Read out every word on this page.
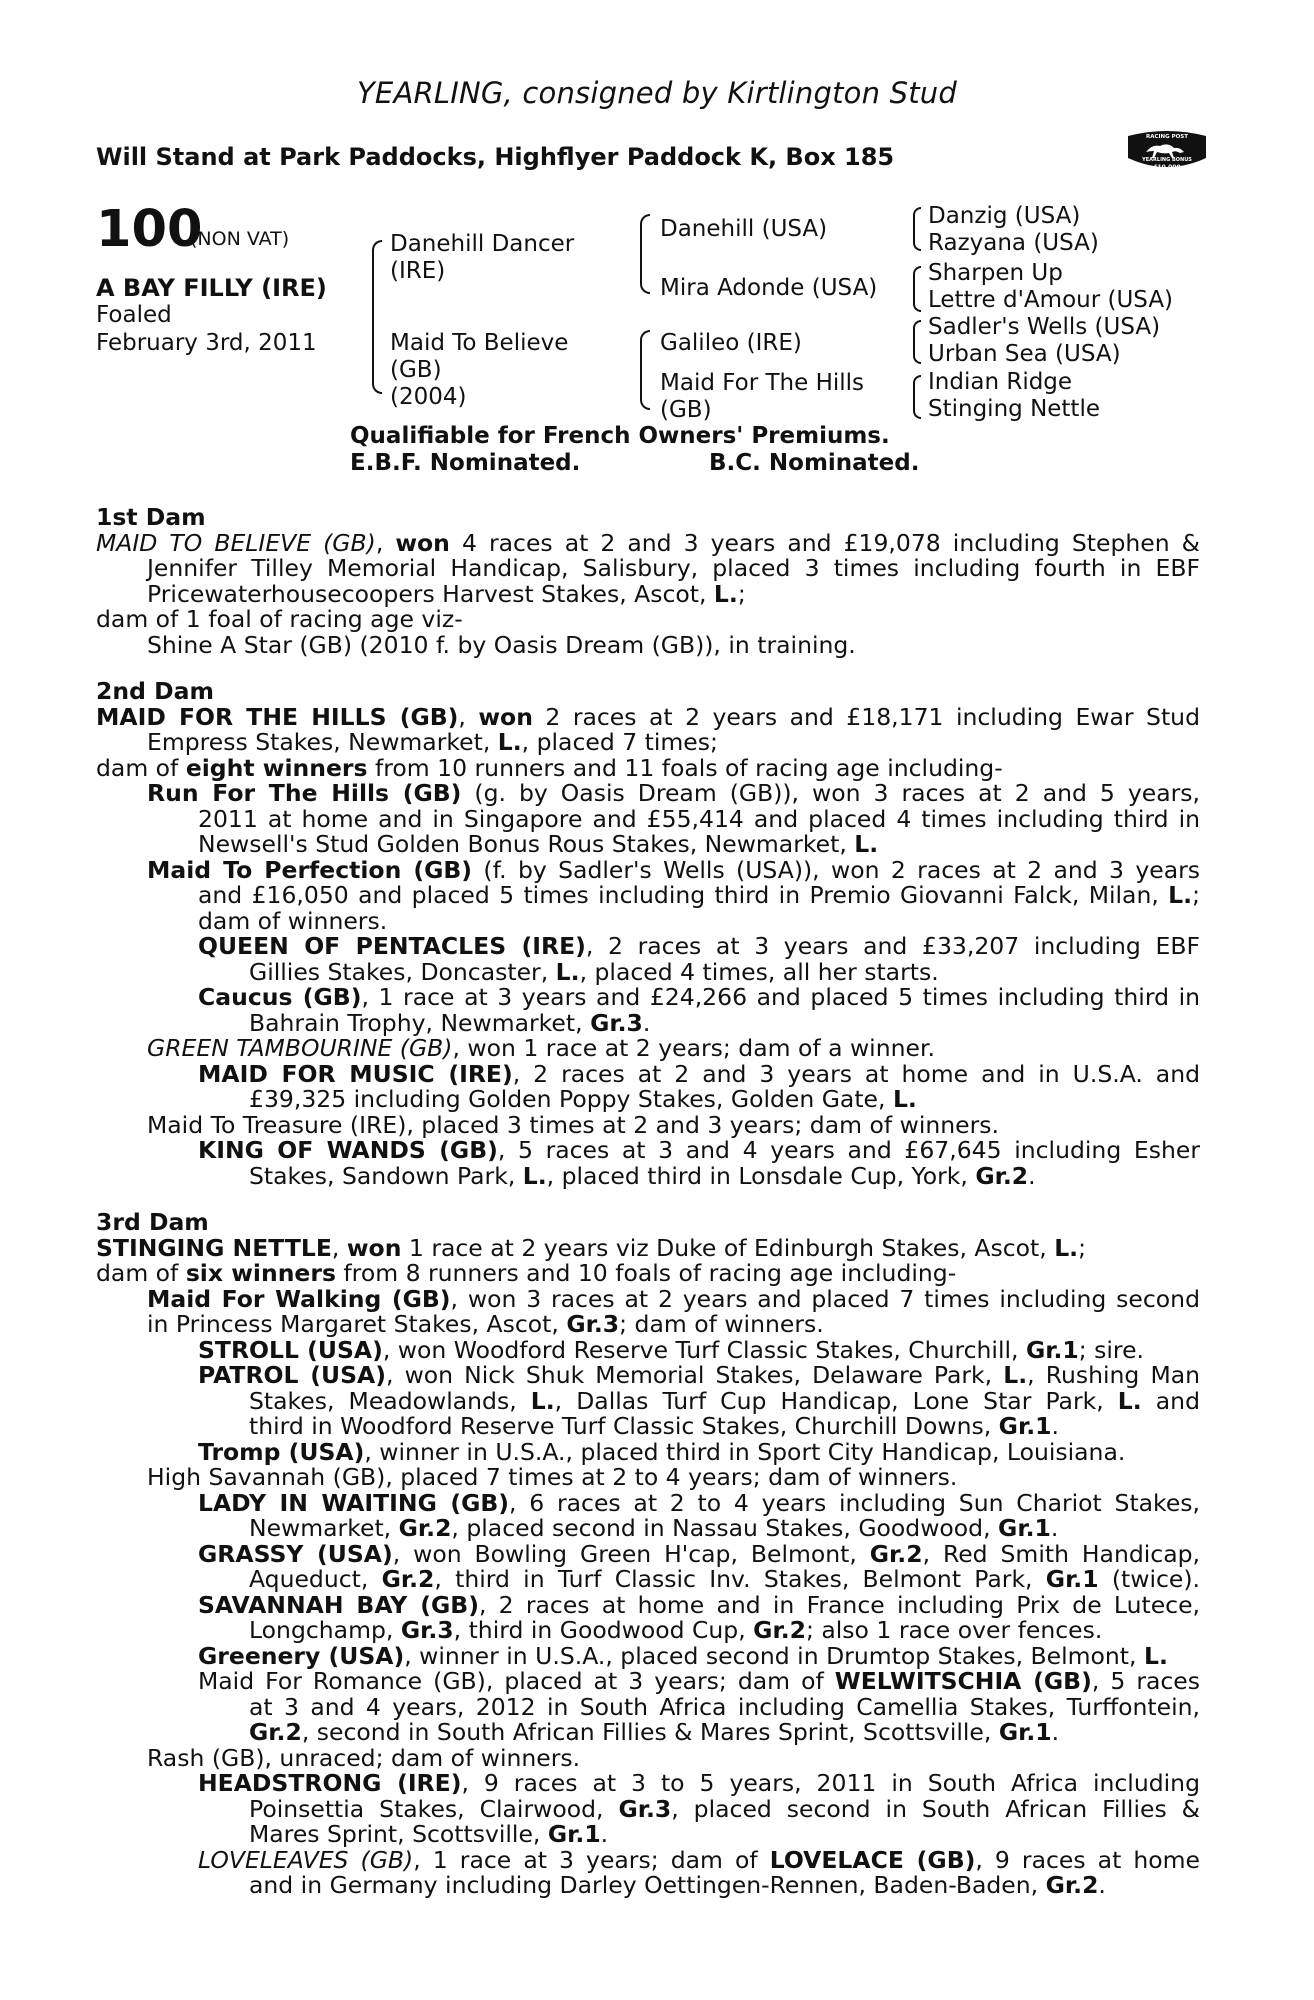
YEARLING, consigned by Kirtlington Stud
Will Stand at Park Paddocks, Highflyer Paddock K, Box 185
RACING POST
YEARLING BONUS
£10,000
100
(NON VAT)
A BAY FILLY (IRE)
Foaled
February 3rd, 2011
Danehill Dancer
(IRE)
Maid To Believe
(GB)
(2004)
Danehill (USA)
Mira Adonde (USA)
Galileo (IRE)
Maid For The Hills
(GB)
Danzig (USA)
Razyana (USA)
Sharpen Up
Lettre d'Amour (USA)
Sadler's Wells (USA)
Urban Sea (USA)
Indian Ridge
Stinging Nettle
Qualifiable for French Owners' Premiums.
E.B.F. Nominated.	B.C. Nominated.
1st Dam
MAID TO BELIEVE (GB), won 4 races at 2 and 3 years and £19,078 including Stephen &
Jennifer Tilley Memorial Handicap, Salisbury, placed 3 times including fourth in EBF
Pricewaterhousecoopers Harvest Stakes, Ascot, L.;
dam of 1 foal of racing age viz-
Shine A Star (GB) (2010 f. by Oasis Dream (GB)), in training.
2nd Dam
MAID FOR THE HILLS (GB), won 2 races at 2 years and £18,171 including Ewar Stud
Empress Stakes, Newmarket, L., placed 7 times;
dam of eight winners from 10 runners and 11 foals of racing age including-
Run For The Hills (GB) (g. by Oasis Dream (GB)), won 3 races at 2 and 5 years,
2011 at home and in Singapore and £55,414 and placed 4 times including third in
Newsell's Stud Golden Bonus Rous Stakes, Newmarket, L.
Maid To Perfection (GB) (f. by Sadler's Wells (USA)), won 2 races at 2 and 3 years
and £16,050 and placed 5 times including third in Premio Giovanni Falck, Milan, L.;
dam of winners.
QUEEN OF PENTACLES (IRE), 2 races at 3 years and £33,207 including EBF
Gillies Stakes, Doncaster, L., placed 4 times, all her starts.
Caucus (GB), 1 race at 3 years and £24,266 and placed 5 times including third in
Bahrain Trophy, Newmarket, Gr.3.
GREEN TAMBOURINE (GB), won 1 race at 2 years; dam of a winner.
MAID FOR MUSIC (IRE), 2 races at 2 and 3 years at home and in U.S.A. and
£39,325 including Golden Poppy Stakes, Golden Gate, L.
Maid To Treasure (IRE), placed 3 times at 2 and 3 years; dam of winners.
KING OF WANDS (GB), 5 races at 3 and 4 years and £67,645 including Esher
Stakes, Sandown Park, L., placed third in Lonsdale Cup, York, Gr.2.
3rd Dam
STINGING NETTLE, won 1 race at 2 years viz Duke of Edinburgh Stakes, Ascot, L.;
dam of six winners from 8 runners and 10 foals of racing age including-
Maid For Walking (GB), won 3 races at 2 years and placed 7 times including second
in Princess Margaret Stakes, Ascot, Gr.3; dam of winners.
STROLL (USA), won Woodford Reserve Turf Classic Stakes, Churchill, Gr.1; sire.
PATROL (USA), won Nick Shuk Memorial Stakes, Delaware Park, L., Rushing Man
Stakes, Meadowlands, L., Dallas Turf Cup Handicap, Lone Star Park, L. and
third in Woodford Reserve Turf Classic Stakes, Churchill Downs, Gr.1.
Tromp (USA), winner in U.S.A., placed third in Sport City Handicap, Louisiana.
High Savannah (GB), placed 7 times at 2 to 4 years; dam of winners.
LADY IN WAITING (GB), 6 races at 2 to 4 years including Sun Chariot Stakes,
Newmarket, Gr.2, placed second in Nassau Stakes, Goodwood, Gr.1.
GRASSY (USA), won Bowling Green H'cap, Belmont, Gr.2, Red Smith Handicap,
Aqueduct, Gr.2, third in Turf Classic Inv. Stakes, Belmont Park, Gr.1 (twice).
SAVANNAH BAY (GB), 2 races at home and in France including Prix de Lutece,
Longchamp, Gr.3, third in Goodwood Cup, Gr.2; also 1 race over fences.
Greenery (USA), winner in U.S.A., placed second in Drumtop Stakes, Belmont, L.
Maid For Romance (GB), placed at 3 years; dam of WELWITSCHIA (GB), 5 races
at 3 and 4 years, 2012 in South Africa including Camellia Stakes, Turffontein,
Gr.2, second in South African Fillies & Mares Sprint, Scottsville, Gr.1.
Rash (GB), unraced; dam of winners.
HEADSTRONG (IRE), 9 races at 3 to 5 years, 2011 in South Africa including
Poinsettia Stakes, Clairwood, Gr.3, placed second in South African Fillies &
Mares Sprint, Scottsville, Gr.1.
LOVELEAVES (GB), 1 race at 3 years; dam of LOVELACE (GB), 9 races at home
and in Germany including Darley Oettingen-Rennen, Baden-Baden, Gr.2.
